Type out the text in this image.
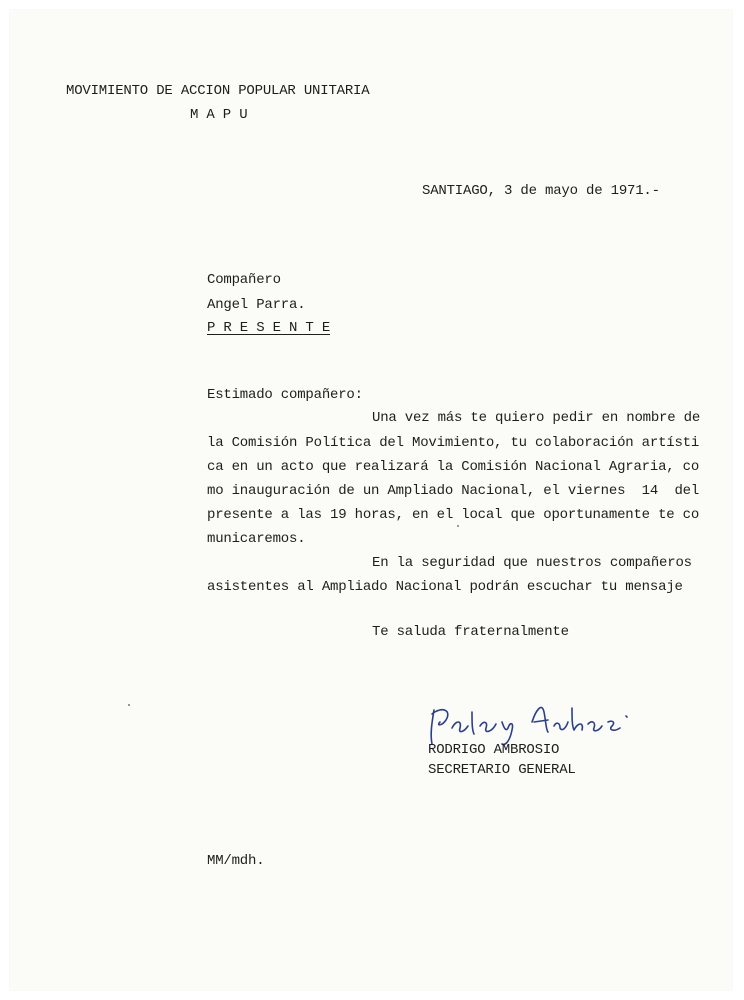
MOVIMIENTO DE ACCION POPULAR UNITARIA
M A P U
SANTIAGO, 3 de mayo de 1971.-
Compañero
Angel Parra.
P R E S E N T E
Estimado compañero:
Una vez más te quiero pedir en nombre de
la Comisión Política del Movimiento, tu colaboración artísti
ca en un acto que realizará la Comisión Nacional Agraria, co
mo inauguración de un Ampliado Nacional, el viernes  14  del
presente a las 19 horas, en el local que oportunamente te co
municaremos.
En la seguridad que nuestros compañeros
asistentes al Ampliado Nacional podrán escuchar tu mensaje
Te saluda fraternalmente
RODRIGO AMBROSIO
SECRETARIO GENERAL
MM/mdh.
